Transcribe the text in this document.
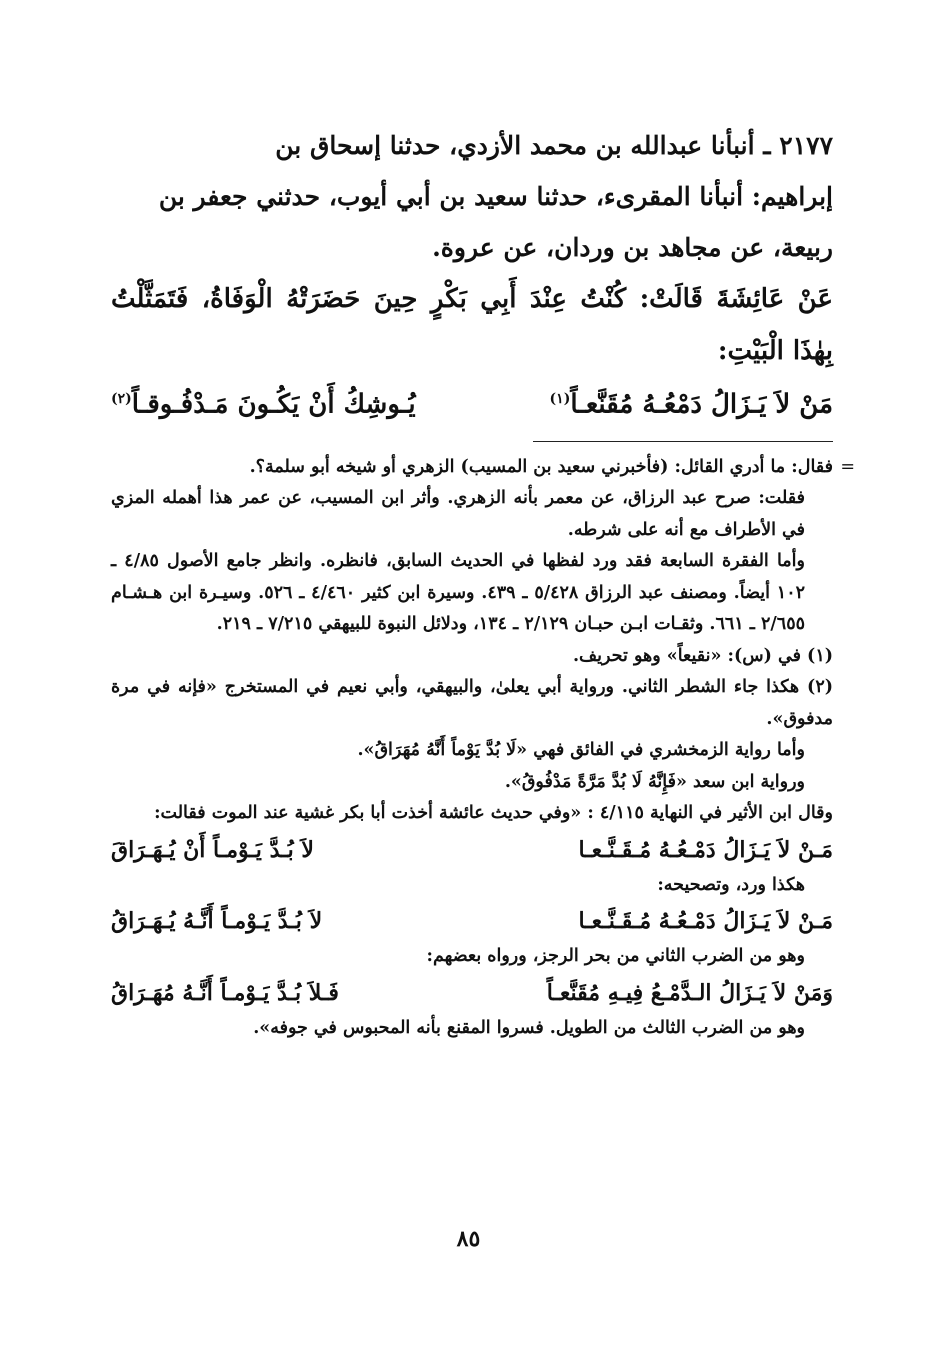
٢١٧٧ ـ أنبأنا عبدالله بن محمد الأزدي، حدثنا إسحاق بن

إبراهيم: أنبأنا المقرىء، حدثنا سعيد بن أبي أيوب، حدثني جعفر بن

ربيعة، عن مجاهد بن وردان، عن عروة.

عَنْ عَائِشَةَ قَالَتْ: كُنْتُ عِنْدَ أَبِي بَكْرٍ حِينَ حَضَرَتْهُ الْوَفَاةُ، فَتَمَثَّلْتُ بِهٰذَا الْبَيْتِ:
مَنْ لاَ يَـزَالُ دَمْعُـهُ مُقَنَّعـاً$^{(١)}$
يُـوشِكُ أَنْ يَكُـونَ مَـدْفُـوقـاً$^{(٢)}$

=
فقال: ما أدري القائل: (فأخبرني سعيد بن المسيب) الزهري أو شيخه أبو سلمة؟.

فقلت: صرح عبد الرزاق، عن معمر بأنه الزهري. وأثر ابن المسيب، عن عمر هذا أهمله المزي في الأطراف مع أنه على شرطه.

وأما الفقرة السابعة فقد ورد لفظها في الحديث السابق، فانظره. وانظر جامع الأصول ٤/٨٥ ـ ١٠٢ أيضاً. ومصنف عبد الرزاق ٥/٤٢٨ ـ ٤٣٩. وسيرة ابن كثير ٤/٤٦٠ ـ ٥٢٦. وسيـرة ابن هـشـام ٢/٦٥٥ ـ ٦٦١. وثقـات ابـن حبـان ٢/١٢٩ ـ ١٣٤، ودلائل النبوة للبيهقي ٧/٢١٥ ـ ٢١٩.

(١) في (س): «نقيعاً» وهو تحريف.

(٢) هكذا جاء الشطر الثاني. ورواية أبي يعلىٰ، والبيهقي، وأبي نعيم في المستخرج «فإنه في مرة مدفوق».

وأما رواية الزمخشري في الفائق فهي «لَا بُدَّ يَوْماً أَنَّهُ مُهَرَاقُ».

ورواية ابن سعد «فَإِنَّهُ لَا بُدَّ مَرَّةً مَدْفُوقُ».

وقال ابن الأثير في النهاية ٤/١١٥ : «وفي حديث عائشة أخذت أبا بكر غشية عند الموت فقالت:

مَـنْ لاَ يَـزَالُ دَمْـعُـهُ مُـقَـنَّـعـا
لاَ بُـدَّ يَـوْمـاً أَنْ يُـهَـرَاقَ

هكذا ورد، وتصحيحه:

مَـنْ لاَ يَـزَالُ دَمْـعُـهُ مُـقَـنَّـعـا
لاَ بُـدَّ يَـوْمـاً أَنَّـهُ يُـهَـرَاقُ

وهو من الضرب الثاني من بحر الرجز، ورواه بعضهم:

وَمَنْ لاَ يَـزَالُ الـدَّمْـعُ فِيـهِ مُقَنَّعـاً
فَـلاَ بُـدَّ يَـوْمـاً أَنَّـهُ مُهَـرَاقُ

وهو من الضرب الثالث من الطويل. فسروا المقنع بأنه المحبوس في جوفه».

٨٥
